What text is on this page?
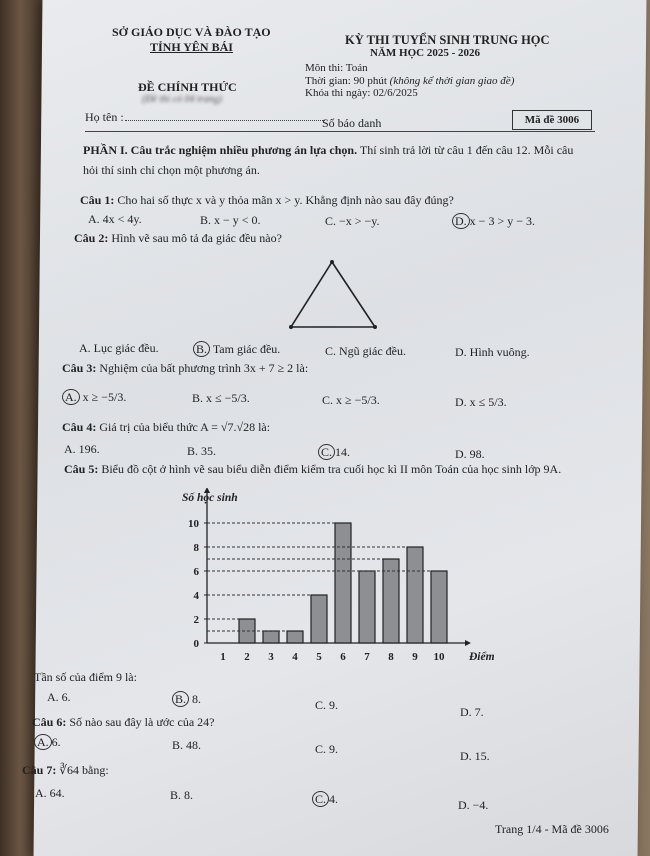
SỞ GIÁO DỤC VÀ ĐÀO TẠO
TỈNH YÊN BÁI
ĐỀ CHÍNH THỨC
(Đề thi có 04 trang)
KỲ THI TUYỂN SINH TRUNG HỌC
NĂM HỌC 2025 - 2026
Môn thi: Toán
Thời gian: 90 phút (không kể thời gian giao đề)
Khóa thi ngày: 02/6/2025
Họ tên :	Số báo danh	Mã đề 3006
PHẦN I. Câu trắc nghiệm nhiều phương án lựa chọn. Thí sinh trả lời từ câu 1 đến câu 12. Mỗi câu
hỏi thí sinh chỉ chọn một phương án.
Câu 1: Cho hai số thực x và y thỏa mãn x > y. Khẳng định nào sau đây đúng?
A. 4x < 4y.	B. x − y < 0.	C. −x > −y.	D. x − 3 > y − 3.
Câu 2: Hình vẽ sau mô tả đa giác đều nào?
A. Lục giác đều.	B. Tam giác đều.	C. Ngũ giác đều.	D. Hình vuông.
Câu 3: Nghiệm của bất phương trình 3x + 7 ≥ 2 là:
A. x ≥ −5/3.	B. x ≤ −5/3.	C. x ≥ −5/3.	D. x ≤ 5/3.
Câu 4: Giá trị của biểu thức A = √7.√28 là:
A. 196.	B. 35.	C. 14.	D. 98.
Câu 5: Biểu đồ cột ở hình vẽ sau biểu diễn điểm kiểm tra cuối học kì II môn Toán của học sinh lớp 9A.
0
2
4
6
8
10
Số học sinh
Điểm
1 2 3 4 5 6 7 8 9 10
Tần số của điểm 9 là:
A. 6.	B. 8.	C. 9.	D. 7.
Câu 6: Số nào sau đây là ước của 24?
A. 6.	B. 48.	C. 9.	D. 15.
Câu 7: ∛64 bằng:
A. 64.	B. 8.	C. 4.	D. −4.
Trang 1/4 - Mã đề 3006
